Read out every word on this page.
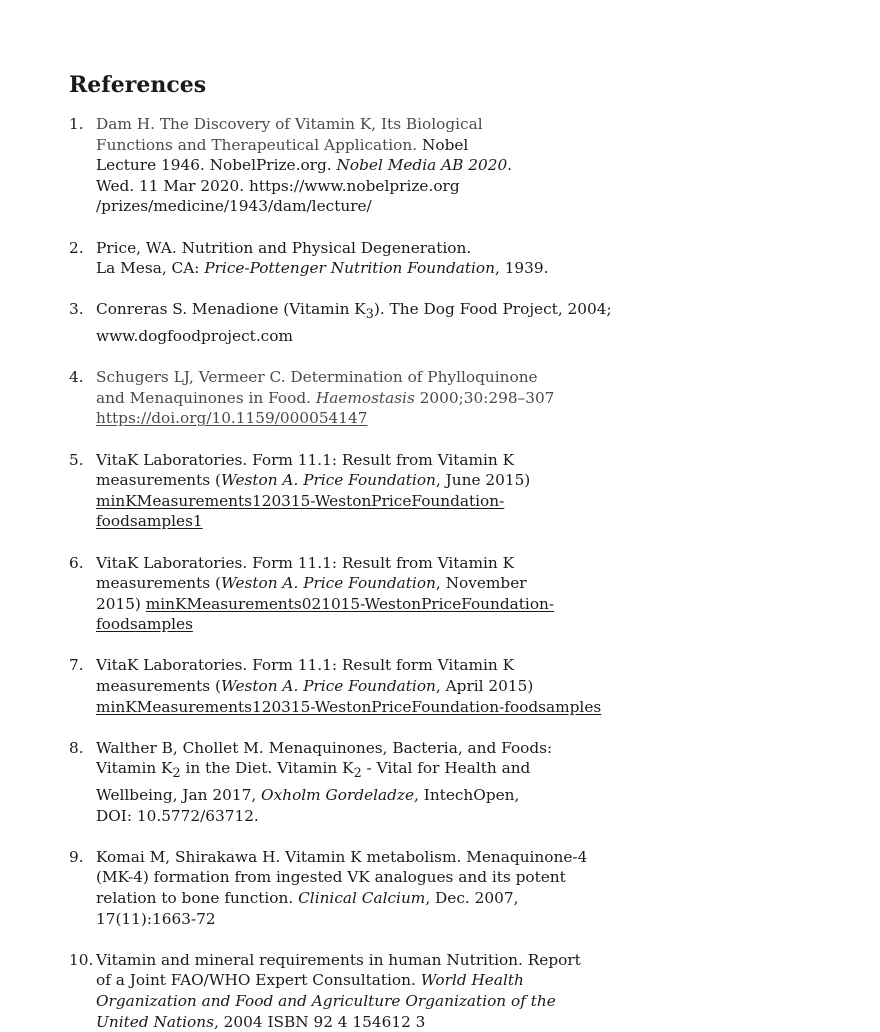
References
1. Dam H. The Discovery of Vitamin K, Its Biological
Functions and Therapeutical Application. Nobel
Lecture 1946. NobelPrize.org. Nobel Media AB 2020.
Wed. 11 Mar 2020. https://www.nobelprize.org
/prizes/medicine/1943/dam/lecture/
2. Price, WA. Nutrition and Physical Degeneration.
La Mesa, CA: Price-Pottenger Nutrition Foundation, 1939.
3. Conreras S. Menadione (Vitamin $K_3$). The Dog Food Project, 2004;
www.dogfoodproject.com
4. Schugers LJ, Vermeer C. Determination of Phylloquinone
and Menaquinones in Food. Haemostasis 2000;30:298–307
https://doi.org/10.1159/000054147
5. VitaK Laboratories. Form 11.1: Result from Vitamin K
measurements (Weston A. Price Foundation, June 2015)
minKMeasurements120315-WestonPriceFoundation-
foodsamples1
6. VitaK Laboratories. Form 11.1: Result from Vitamin K
measurements (Weston A. Price Foundation, November
2015) minKMeasurements021015-WestonPriceFoundation-
foodsamples
7. VitaK Laboratories. Form 11.1: Result form Vitamin K
measurements (Weston A. Price Foundation, April 2015)
minKMeasurements120315-WestonPriceFoundation-foodsamples
8. Walther B, Chollet M. Menaquinones, Bacteria, and Foods:
Vitamin $K_2$ in the Diet. Vitamin $K_2$ - Vital for Health and
Wellbeing, Jan 2017, Oxholm Gordeladze, IntechOpen,
DOI: 10.5772/63712.
9. Komai M, Shirakawa H. Vitamin K metabolism. Menaquinone-4
(MK-4) formation from ingested VK analogues and its potent
relation to bone function. Clinical Calcium, Dec. 2007,
17(11):1663-72
10. Vitamin and mineral requirements in human Nutrition. Report
of a Joint FAO/WHO Expert Consultation. World Health
Organization and Food and Agriculture Organization of the
United Nations, 2004 ISBN 92 4 154612 3
